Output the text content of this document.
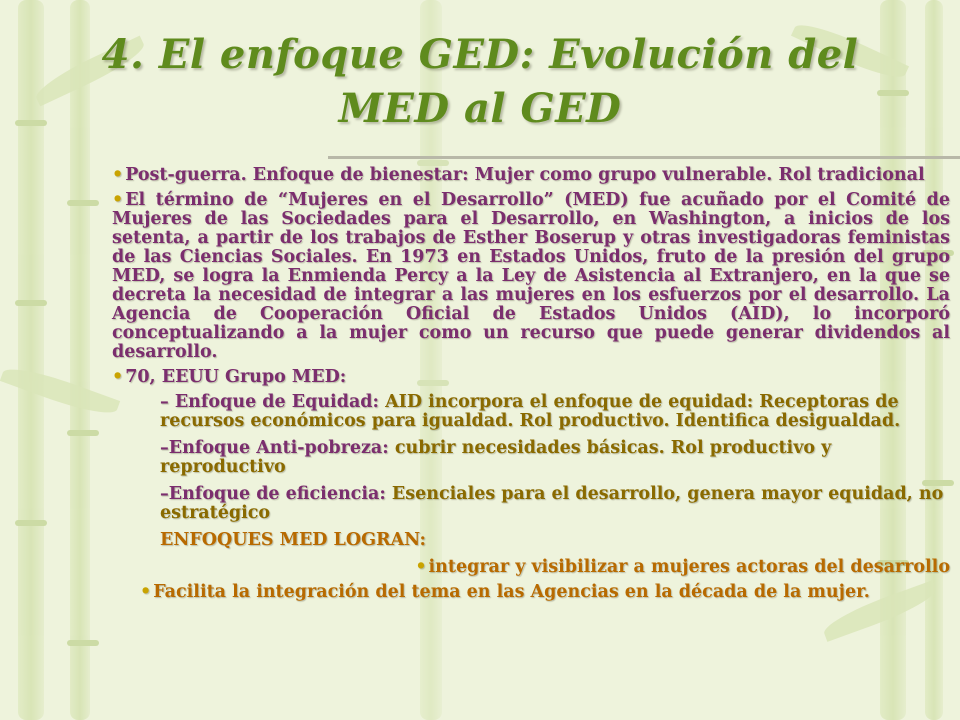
4. El enfoque GED: Evolución del
MED al GED
• Post-guerra. Enfoque de bienestar: Mujer como grupo vulnerable. Rol tradicional
• El término de “Mujeres en el Desarrollo” (MED) fue acuñado por el Comité de Mujeres de las Sociedades para el Desarrollo, en Washington, a inicios de los setenta, a partir de los trabajos de Esther Boserup y otras investigadoras feministas de las Ciencias Sociales. En 1973 en Estados Unidos, fruto de la presión del grupo MED, se logra la Enmienda Percy a la Ley de Asistencia al Extranjero, en la que se decreta la necesidad de integrar a las mujeres en los esfuerzos por el desarrollo. La Agencia de Cooperación Oficial de Estados Unidos (AID), lo incorporó conceptualizando a la mujer como un recurso que puede generar dividendos al desarrollo.
• 70, EEUU Grupo MED:
– Enfoque de Equidad: AID incorpora el enfoque de equidad: Receptoras de recursos económicos para igualdad. Rol productivo. Identifica desigualdad.
–Enfoque Anti-pobreza: cubrir necesidades básicas. Rol productivo y reproductivo
–Enfoque de eficiencia: Esenciales para el desarrollo, genera mayor equidad, no estratégico
ENFOQUES MED LOGRAN:
• integrar y visibilizar a mujeres actoras del desarrollo
• Facilita la integración del tema en las Agencias en la década de la mujer.
